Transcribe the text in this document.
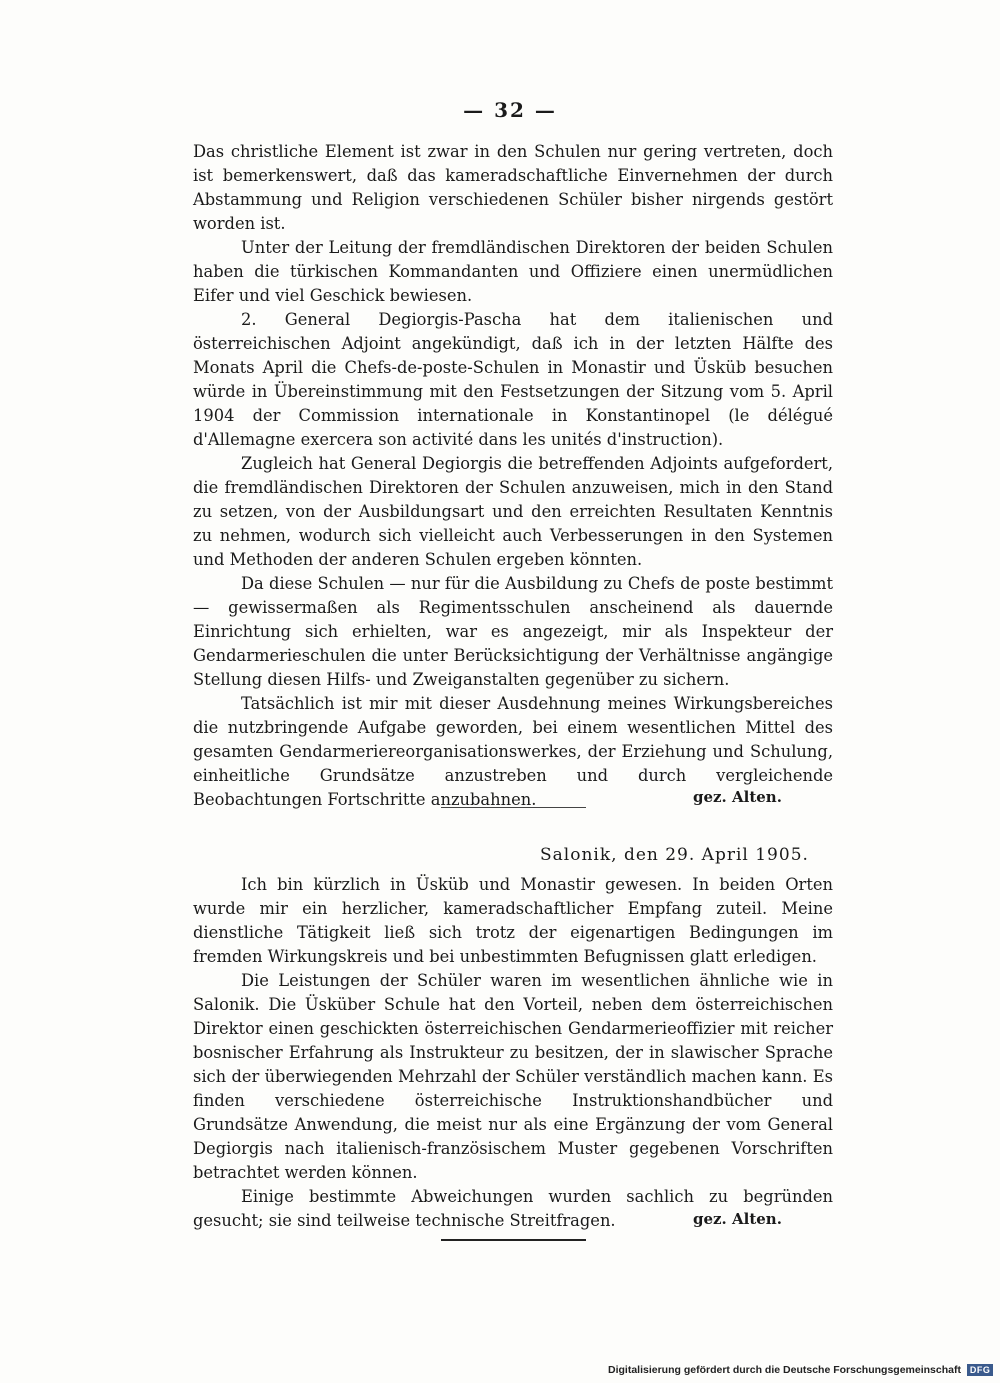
— 32 —

Das christliche Element ist zwar in den Schulen nur gering vertreten, doch ist bemerkenswert, daß das kameradschaftliche Einvernehmen der durch Abstammung und Religion verschiedenen Schüler bisher nirgends gestört worden ist.

Unter der Leitung der fremdländischen Direktoren der beiden Schulen haben die türkischen Kommandanten und Offiziere einen unermüdlichen Eifer und viel Geschick bewiesen.

2. General Degiorgis-Pascha hat dem italienischen und österreichischen Adjoint angekündigt, daß ich in der letzten Hälfte des Monats April die Chefs-de-poste-Schulen in Monastir und Üsküb besuchen würde in Übereinstimmung mit den Festsetzungen der Sitzung vom 5. April 1904 der Commission internationale in Konstantinopel (le délégué d'Allemagne exercera son activité dans les unités d'instruction).

Zugleich hat General Degiorgis die betreffenden Adjoints aufgefordert, die fremdländischen Direktoren der Schulen anzuweisen, mich in den Stand zu setzen, von der Ausbildungsart und den erreichten Resultaten Kenntnis zu nehmen, wodurch sich vielleicht auch Verbesserungen in den Systemen und Methoden der anderen Schulen ergeben könnten.

Da diese Schulen — nur für die Ausbildung zu Chefs de poste bestimmt — gewissermaßen als Regimentsschulen anscheinend als dauernde Einrichtung sich erhielten, war es angezeigt, mir als Inspekteur der Gendarmerieschulen die unter Berücksichtigung der Verhältnisse angängige Stellung diesen Hilfs- und Zweiganstalten gegenüber zu sichern.

Tatsächlich ist mir mit dieser Ausdehnung meines Wirkungsbereiches die nutzbringende Aufgabe geworden, bei einem wesentlichen Mittel des gesamten Gendarmeriereorganisationswerkes, der Erziehung und Schulung, einheitliche Grundsätze anzustreben und durch vergleichende Beobachtungen Fortschritte anzubahnen.	gez. Alten.
Salonik, den 29. April 1905.

Ich bin kürzlich in Üsküb und Monastir gewesen. In beiden Orten wurde mir ein herzlicher, kameradschaftlicher Empfang zuteil. Meine dienstliche Tätigkeit ließ sich trotz der eigenartigen Bedingungen im fremden Wirkungskreis und bei unbestimmten Befugnissen glatt erledigen.

Die Leistungen der Schüler waren im wesentlichen ähnliche wie in Salonik. Die Üsküber Schule hat den Vorteil, neben dem österreichischen Direktor einen geschickten österreichischen Gendarmerieoffizier mit reicher bosnischer Erfahrung als Instrukteur zu besitzen, der in slawischer Sprache sich der überwiegenden Mehrzahl der Schüler verständlich machen kann. Es finden verschiedene österreichische Instruktionshandbücher und Grundsätze Anwendung, die meist nur als eine Ergänzung der vom General Degiorgis nach italienisch-französischem Muster gegebenen Vorschriften betrachtet werden können.

Einige bestimmte Abweichungen wurden sachlich zu begründen gesucht; sie sind teilweise technische Streitfragen.	gez. Alten.
Digitalisierung gefördert durch die Deutsche Forschungsgemeinschaft DFG
